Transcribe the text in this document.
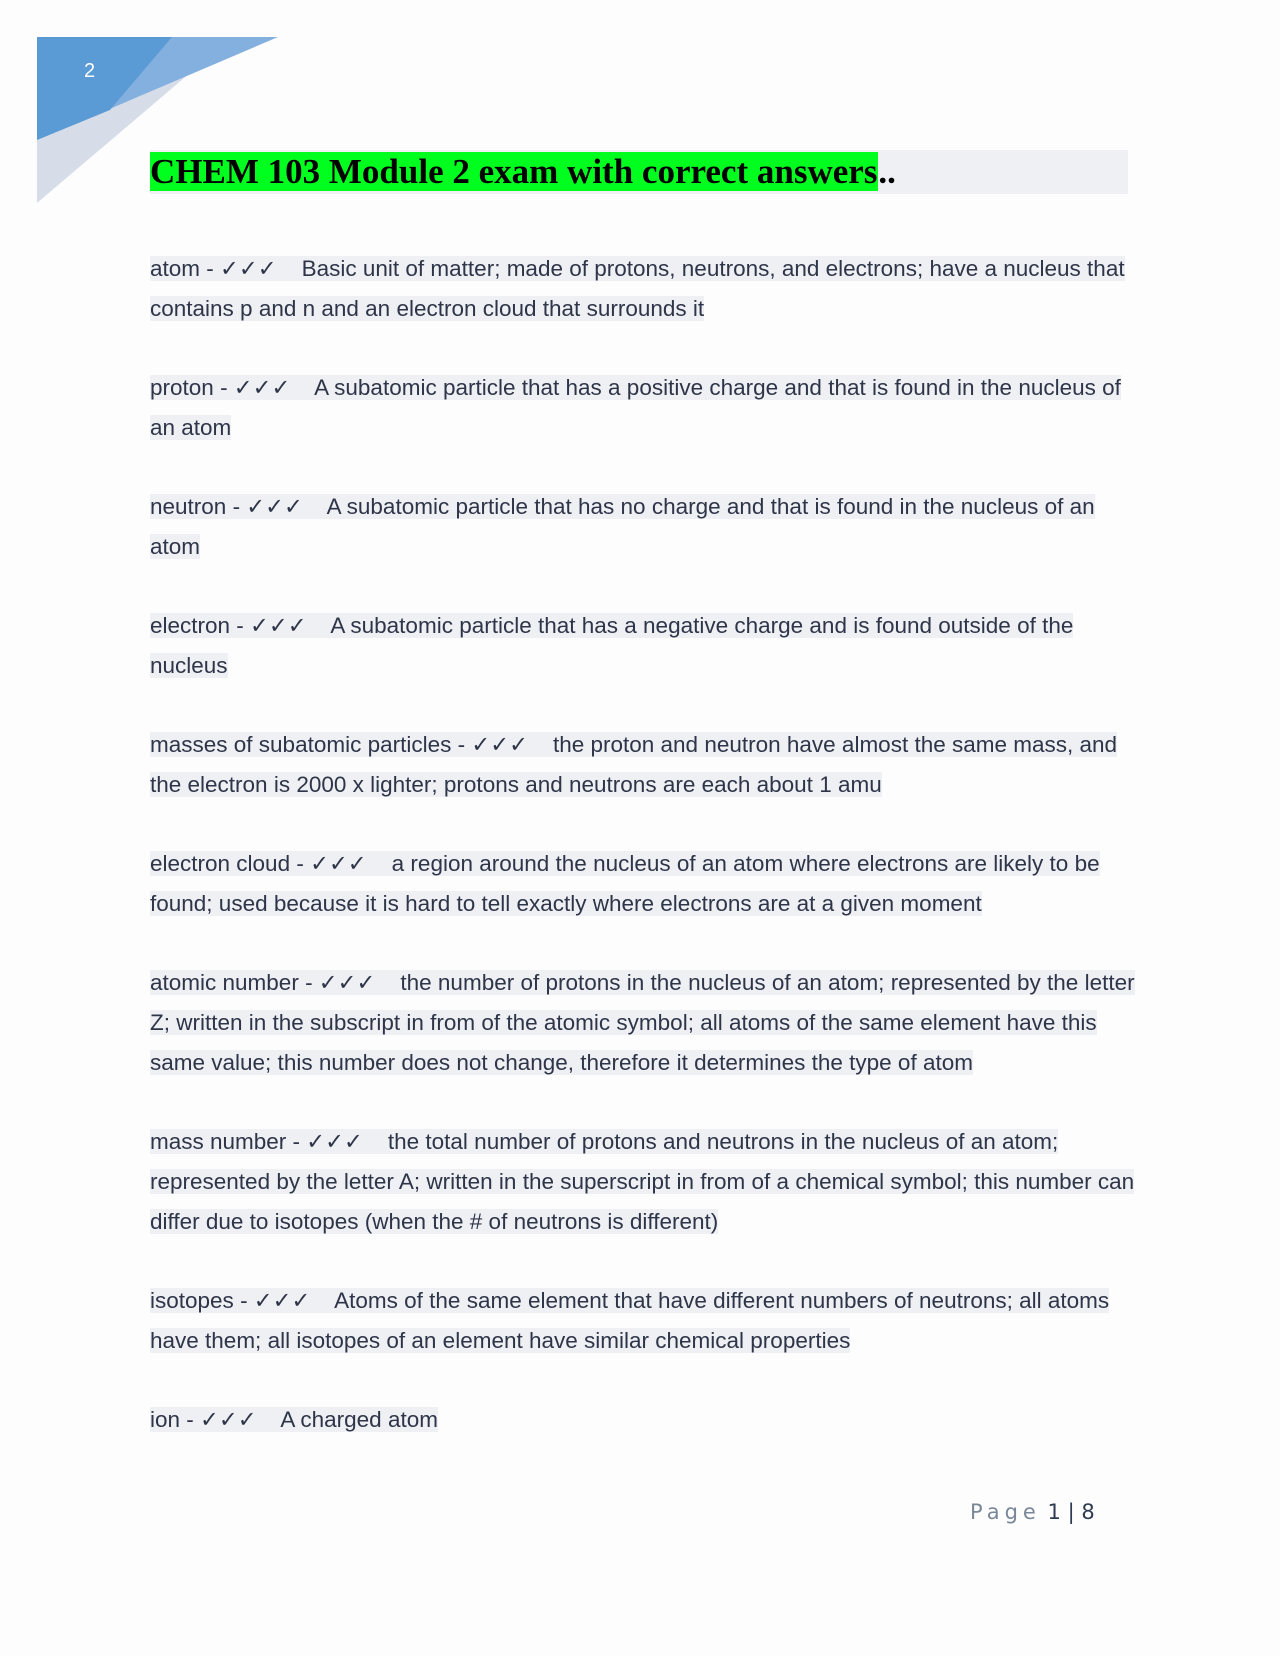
2
CHEM 103 Module 2 exam with correct answers..

atom - ✓✓✓ Basic unit of matter; made of protons, neutrons, and electrons; have a nucleus that contains p and n and an electron cloud that surrounds it

proton - ✓✓✓ A subatomic particle that has a positive charge and that is found in the nucleus of an atom

neutron - ✓✓✓ A subatomic particle that has no charge and that is found in the nucleus of an atom

electron - ✓✓✓ A subatomic particle that has a negative charge and is found outside of the nucleus

masses of subatomic particles - ✓✓✓ the proton and neutron have almost the same mass, and the electron is 2000 x lighter; protons and neutrons are each about 1 amu

electron cloud - ✓✓✓ a region around the nucleus of an atom where electrons are likely to be found; used because it is hard to tell exactly where electrons are at a given moment

atomic number - ✓✓✓ the number of protons in the nucleus of an atom; represented by the letter Z; written in the subscript in from of the atomic symbol; all atoms of the same element have this same value; this number does not change, therefore it determines the type of atom

mass number - ✓✓✓ the total number of protons and neutrons in the nucleus of an atom; represented by the letter A; written in the superscript in from of a chemical symbol; this number can differ due to isotopes (when the # of neutrons is different)

isotopes - ✓✓✓ Atoms of the same element that have different numbers of neutrons; all atoms have them; all isotopes of an element have similar chemical properties

ion - ✓✓✓ A charged atom

Page 1 | 8
